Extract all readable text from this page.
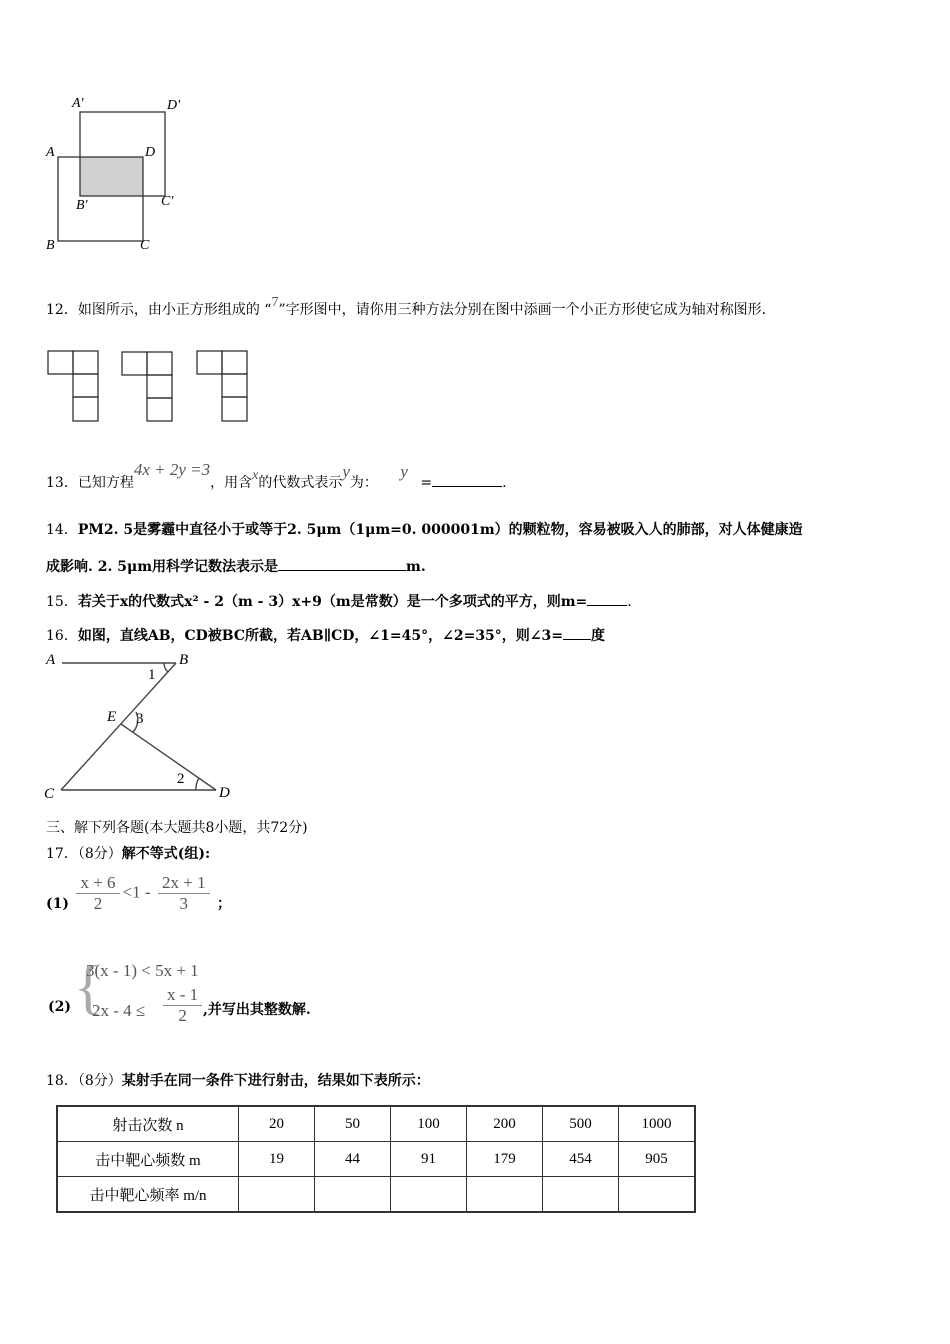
A'	D'
A	D
B'	C'
B	C
12．如图所示，由小正方形组成的 “7”字形图中，请你用三种方法分别在图中添画一个小正方形使它成为轴对称图形．
13．已知方程4x + 2y =3，用含x的代数式表示y为： y =	.
14．PM2. 5是雾霾中直径小于或等于2. 5μm（1μm=0. 000001m）的颗粒物，容易被吸入人的肺部，对人体健康造
成影响. 2. 5μm用科学记数法表示是	m.
15．若关于x的代数式x² - 2（m - 3）x+9（m是常数）是一个多项式的平方，则m=	.
16．如图，直线AB，CD被BC所截，若AB∥CD，∠1=45°，∠2=35°，则∠3= 度
A	B
1
E 3
C
2
D
三、解下列各题(本大题共8小题，共72分)
17．（8分）解不等式(组):
$(1) \frac{x + 6}{2} <1 - \frac{2x + 1}{3}$ ；
(2) {
3(x - 1) < 5x + 1
$2x - 4 \le \frac{x - 1}{2}$ ,并写出其整数解.
18．（8分）某射手在同一条件下进行射击，结果如下表所示：
射击次数 n	20	50	100	200	500	1000
击中靶心频数 m	19	44	91	179	454	905
击中靶心频率 m/n						
